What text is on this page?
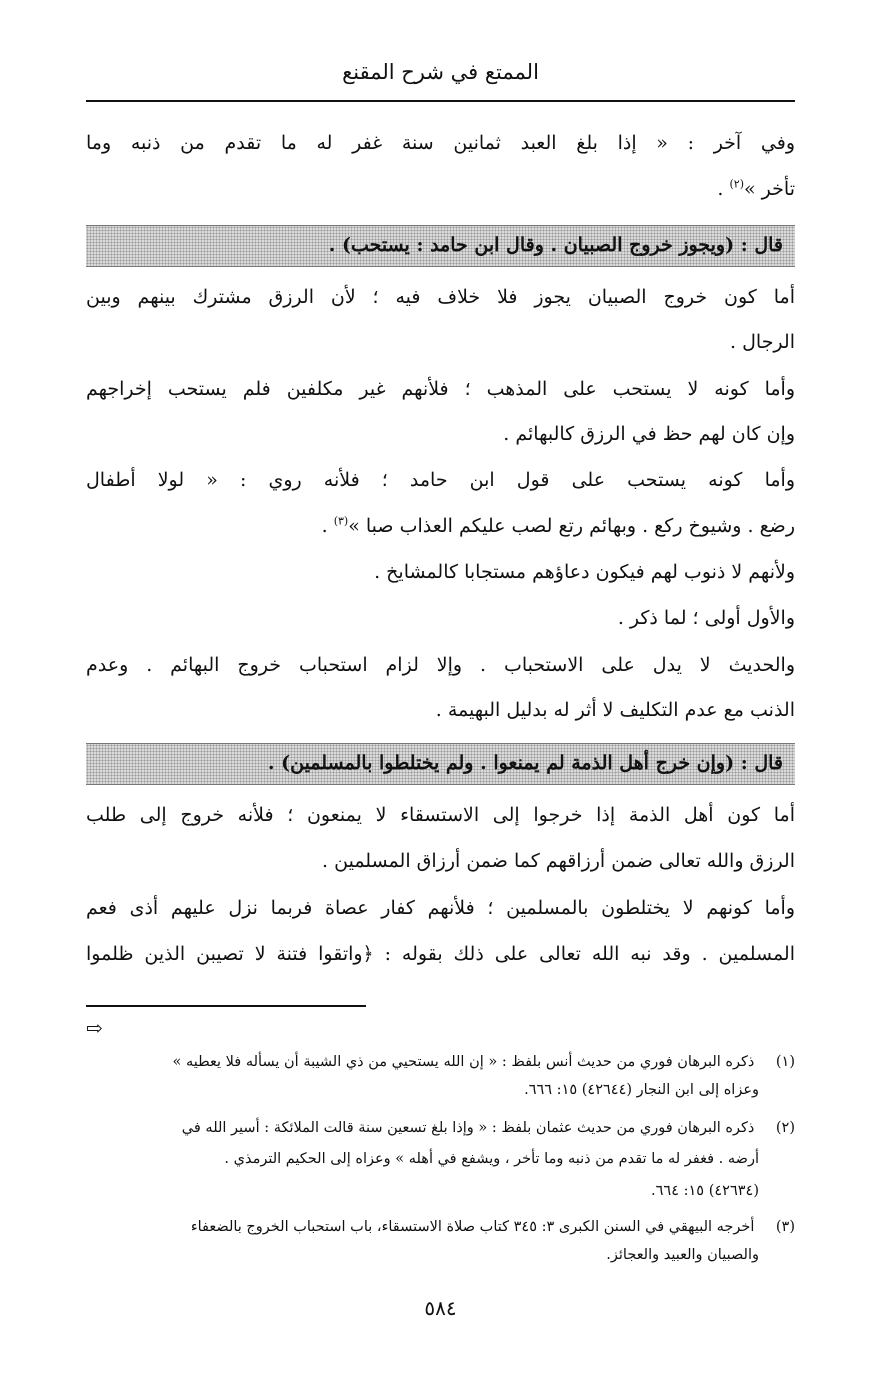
الممتع في شرح المقنع
وفي آخر : « إذا بلغ العبد ثمانين سنة غفر له ما تقدم من ذنبه وما
تأخر »$^{(٢)}$ .
قال : (ويجوز خروج الصبيان . وقال ابن حامد : يستحب) .
أما كون خروج الصبيان يجوز فلا خلاف فيه ؛ لأن الرزق مشترك بينهم وبين
الرجال .
وأما كونه لا يستحب على المذهب ؛ فلأنهم غير مكلفين فلم يستحب إخراجهم
وإن كان لهم حظ في الرزق كالبهائم .
وأما كونه يستحب على قول ابن حامد ؛ فلأنه روي : « لولا أطفال
رضع . وشيوخ ركع . وبهائم رتع لصب عليكم العذاب صبا »$^{(٣)}$ .
ولأنهم لا ذنوب لهم فيكون دعاؤهم مستجابا كالمشايخ .
والأول أولى ؛ لما ذكر .
والحديث لا يدل على الاستحباب . وإلا لزام استحباب خروج البهائم . وعدم
الذنب مع عدم التكليف لا أثر له بدليل البهيمة .
قال : (وإن خرج أهل الذمة لم يمنعوا . ولم يختلطوا بالمسلمين) .
أما كون أهل الذمة إذا خرجوا إلى الاستسقاء لا يمنعون ؛ فلأنه خروج إلى طلب
الرزق والله تعالى ضمن أرزاقهم كما ضمن أرزاق المسلمين .
وأما كونهم لا يختلطون بالمسلمين ؛ فلأنهم كفار عصاة فربما نزل عليهم أذى فعم
المسلمين . وقد نبه الله تعالى على ذلك بقوله : ﴿واتقوا فتنة لا تصيبن الذين ظلموا
⇨
(١) ذكره البرهان فوري من حديث أنس بلفظ : « إن الله يستحيي من ذي الشيبة أن يسأله فلا يعطيه »
وعزاه إلى ابن النجار (٤٢٦٤٤) ١٥: ٦٦٦.
(٢) ذكره البرهان فوري من حديث عثمان بلفظ : « وإذا بلغ تسعين سنة قالت الملائكة : أسير الله في
أرضه . فغفر له ما تقدم من ذنبه وما تأخر ، ويشفع في أهله » وعزاه إلى الحكيم الترمذي .
(٤٢٦٣٤) ١٥: ٦٦٤.
(٣) أخرجه البيهقي في السنن الكبرى ٣: ٣٤٥ كتاب صلاة الاستسقاء، باب استحباب الخروج بالضعفاء
والصبيان والعبيد والعجائز.
٥٨٤
